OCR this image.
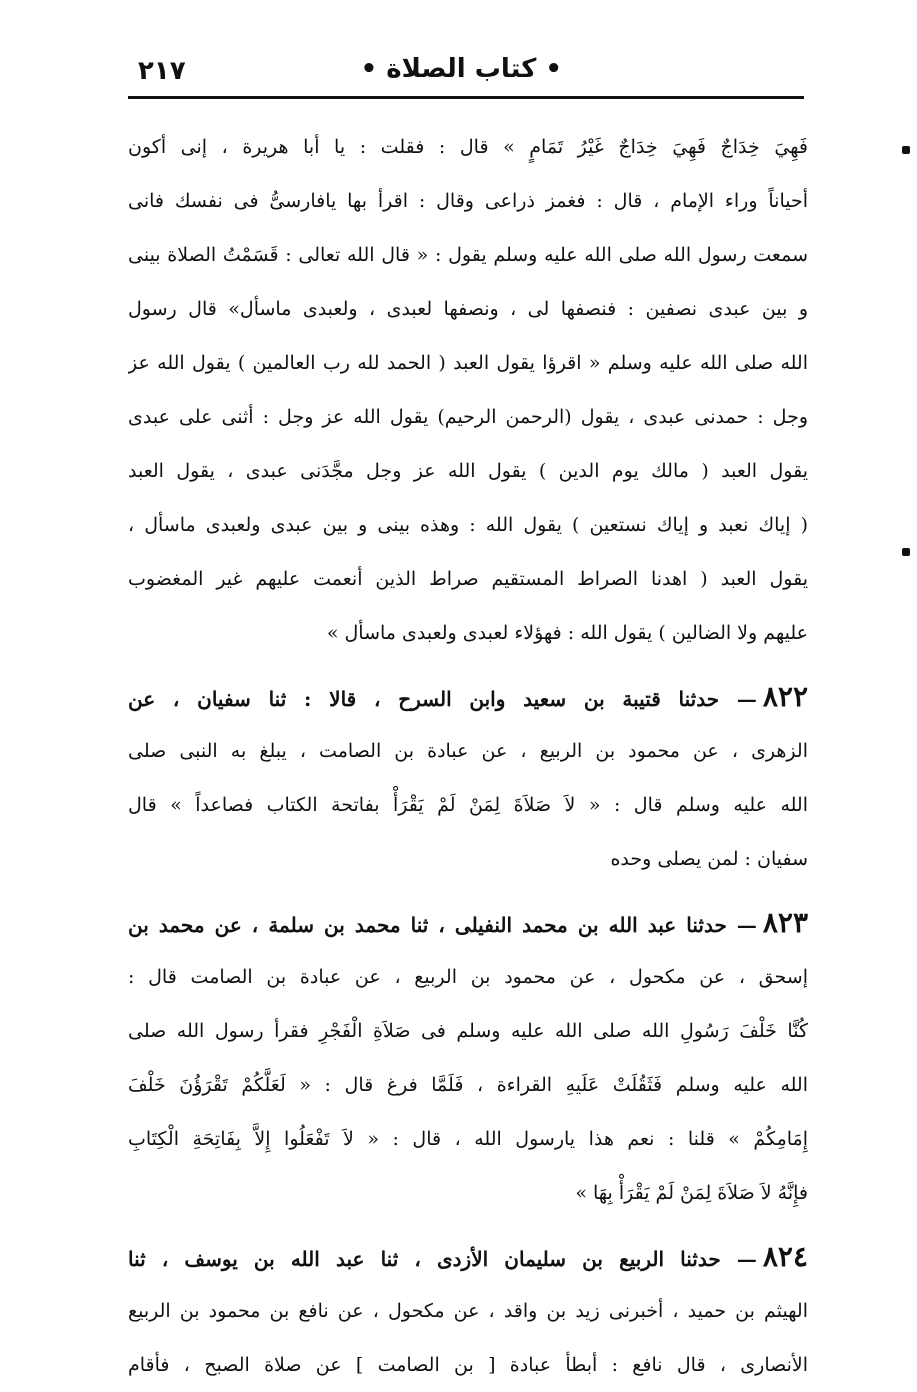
• كتاب الصلاة •
٢١٧
فَهِيَ خِدَاجٌ فَهِيَ خِدَاجٌ غَيْرُ تَمَامٍ » قال : فقلت : يا أبا هريرة ، إنى أكون
أحياناً وراء الإمام ، قال : فغمز ذراعى وقال : اقرأ بها يافارسىُّ فى نفسك فانى
سمعت رسول الله صلى الله عليه وسلم يقول : « قال الله تعالى : قَسَمْتُ الصلاة بينى
و بين عبدى نصفين : فنصفها لى ، ونصفها لعبدى ، ولعبدى ماسأل» قال رسول
الله صلى الله عليه وسلم « اقرؤا يقول العبد ( الحمد لله رب العالمين ) يقول الله عز
وجل : حمدنى عبدى ، يقول (الرحمن الرحيم) يقول الله عز وجل : أثنى على عبدى
يقول العبد ( مالك يوم الدين ) يقول الله عز وجل مجَّدَنى عبدى ، يقول العبد
( إياك نعبد و إياك نستعين ) يقول الله : وهذه بينى و بين عبدى ولعبدى ماسأل ،
يقول العبد ( اهدنا الصراط المستقيم صراط الذين أنعمت عليهم غير المغضوب
عليهم ولا الضالين ) يقول الله : فهؤلاء لعبدى ولعبدى ماسأل »
٨٢٢— حدثنا قتيبة بن سعيد وابن السرح ، قالا : ثنا سفيان ، عن
الزهرى ، عن محمود بن الربيع ، عن عبادة بن الصامت ، يبلغ به النبى صلى
الله عليه وسلم قال : « لاَ صَلاَةَ لِمَنْ لَمْ يَقْرَأْ بفاتحة الكتاب فصاعداً » قال
سفيان : لمن يصلى وحده
٨٢٣— حدثنا عبد الله بن محمد النفيلى ، ثنا محمد بن سلمة ، عن محمد بن
إسحق ، عن مكحول ، عن محمود بن الربيع ، عن عبادة بن الصامت قال :
كُنَّا خَلْفَ رَسُولِ الله صلى الله عليه وسلم فى صَلاَةِ الْفَجْرِ فقرأ رسول الله صلى
الله عليه وسلم فَثَقُلَتْ عَلَيهِ القراءة ، فَلَمَّا فرغ قال : « لَعَلَّكُمْ تَقْرَؤُنَ خَلْفَ
إِمَامِكُمْ » قلنا : نعم هذا يارسول الله ، قال : « لاَ تَفْعَلُوا إِلاَّ بِفَاتِحَةِ الْكِتَابِ
فإِنَّهُ لاَ صَلاَةَ لِمَنْ لَمْ يَقْرَأْ بِهَا »
٨٢٤— حدثنا الربيع بن سليمان الأزدى ، ثنا عبد الله بن يوسف ، ثنا
الهيثم بن حميد ، أخبرنى زيد بن واقد ، عن مكحول ، عن نافع بن محمود بن الربيع
الأنصارى ، قال نافع : أبطأ عبادة [ بن الصامت ] عن صلاة الصبح ، فأقام
